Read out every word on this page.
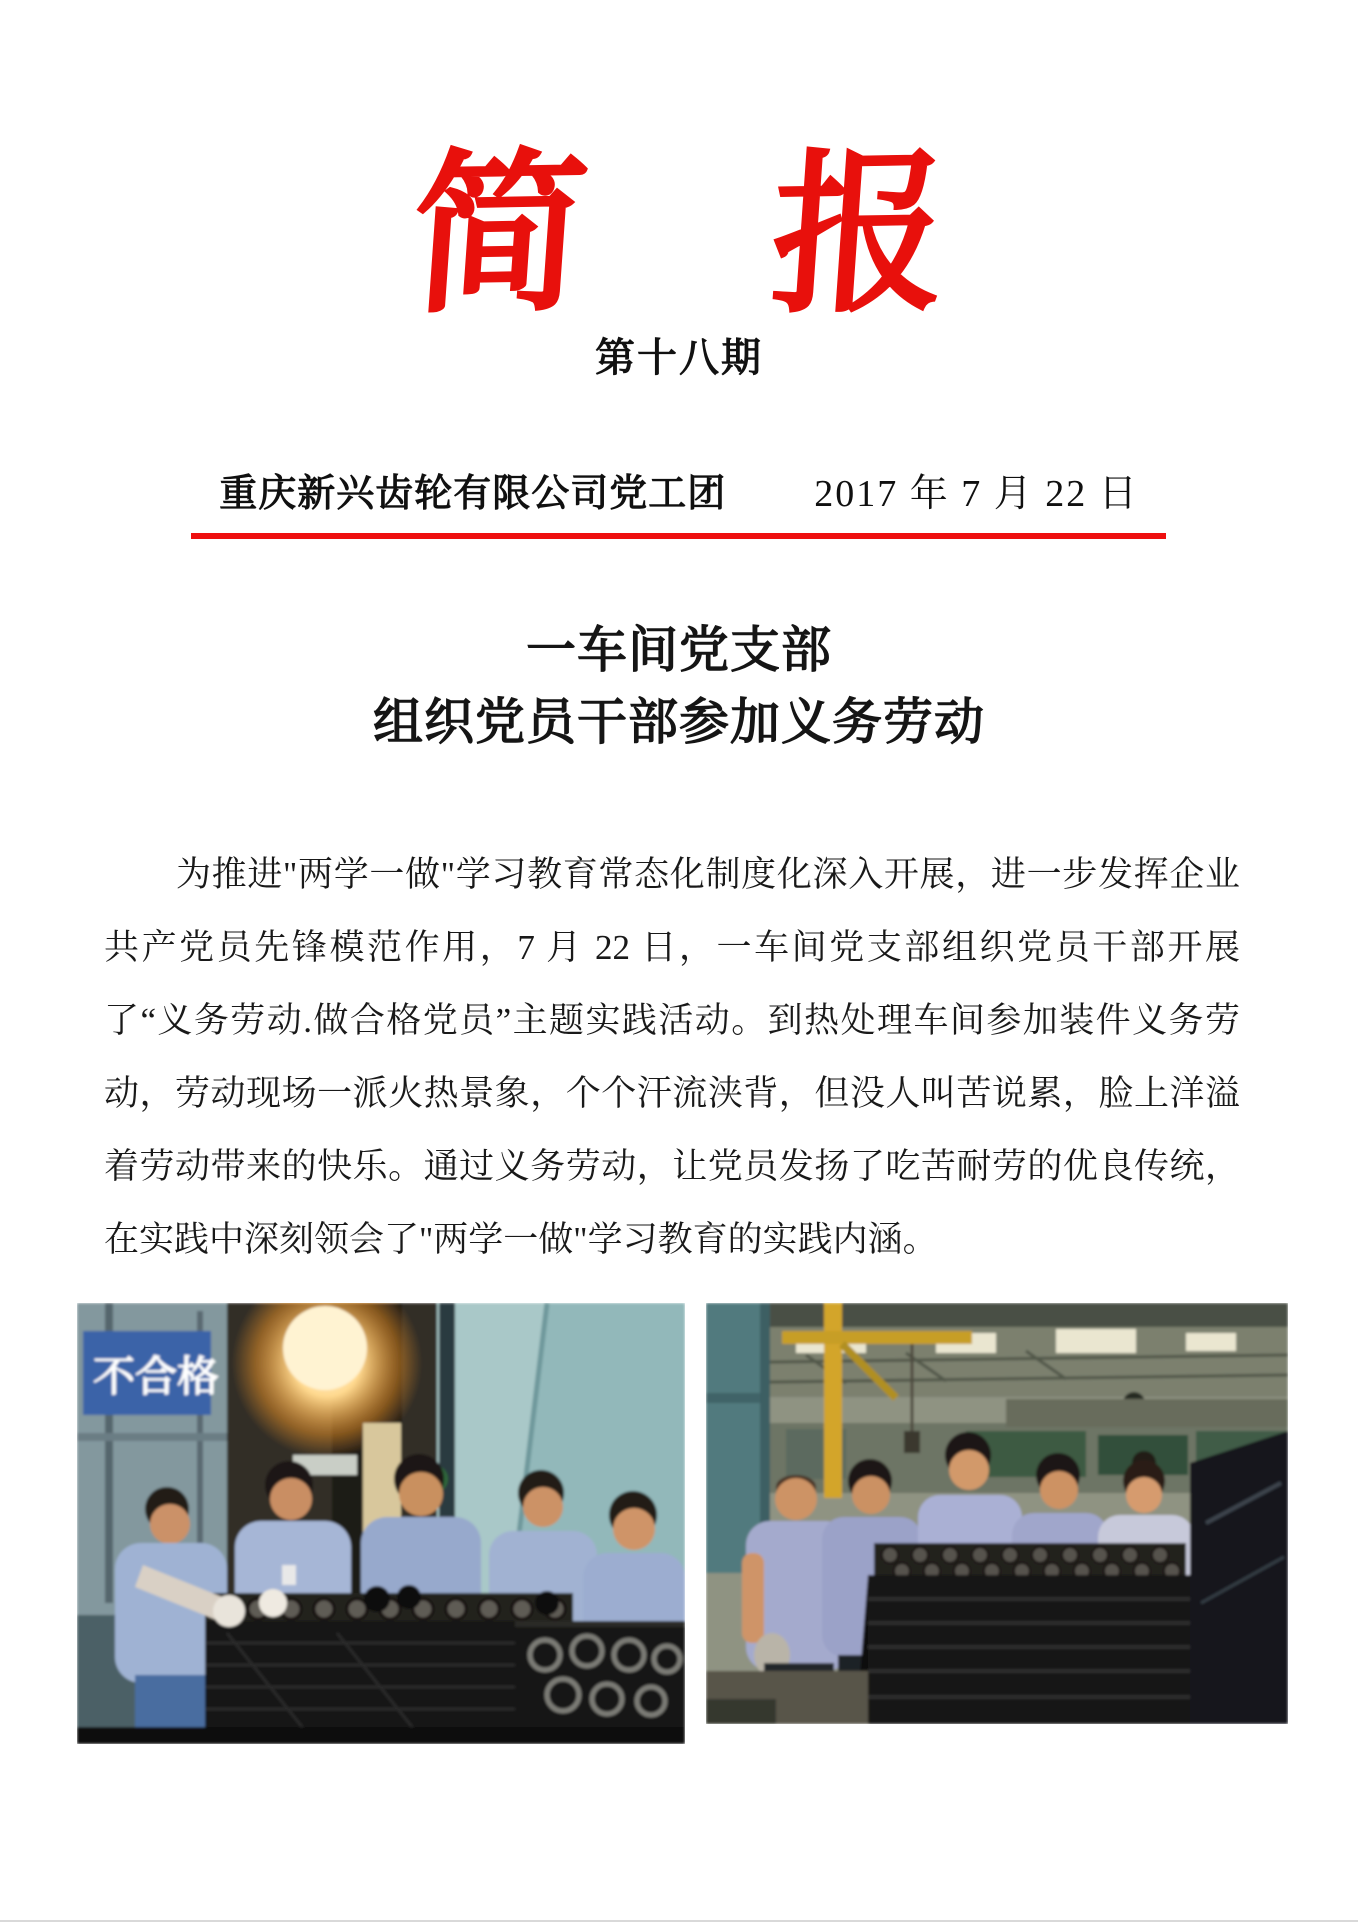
简 报
第十八期
重庆新兴齿轮有限公司党工团 2017 年 7 月 22 日
一车间党支部
组织党员干部参加义务劳动

为推进"两学一做"学习教育常态化制度化深入开展，进一步发挥企业共产党员先锋模范作用，7 月 22 日，一车间党支部组织党员干部开展了“义务劳动.做合格党员”主题实践活动。到热处理车间参加装件义务劳动，劳动现场一派火热景象，个个汗流浃背，但没人叫苦说累，脸上洋溢着劳动带来的快乐。通过义务劳动，让党员发扬了吃苦耐劳的优良传统，在实践中深刻领会了"两学一做"学习教育的实践内涵。

不合格
